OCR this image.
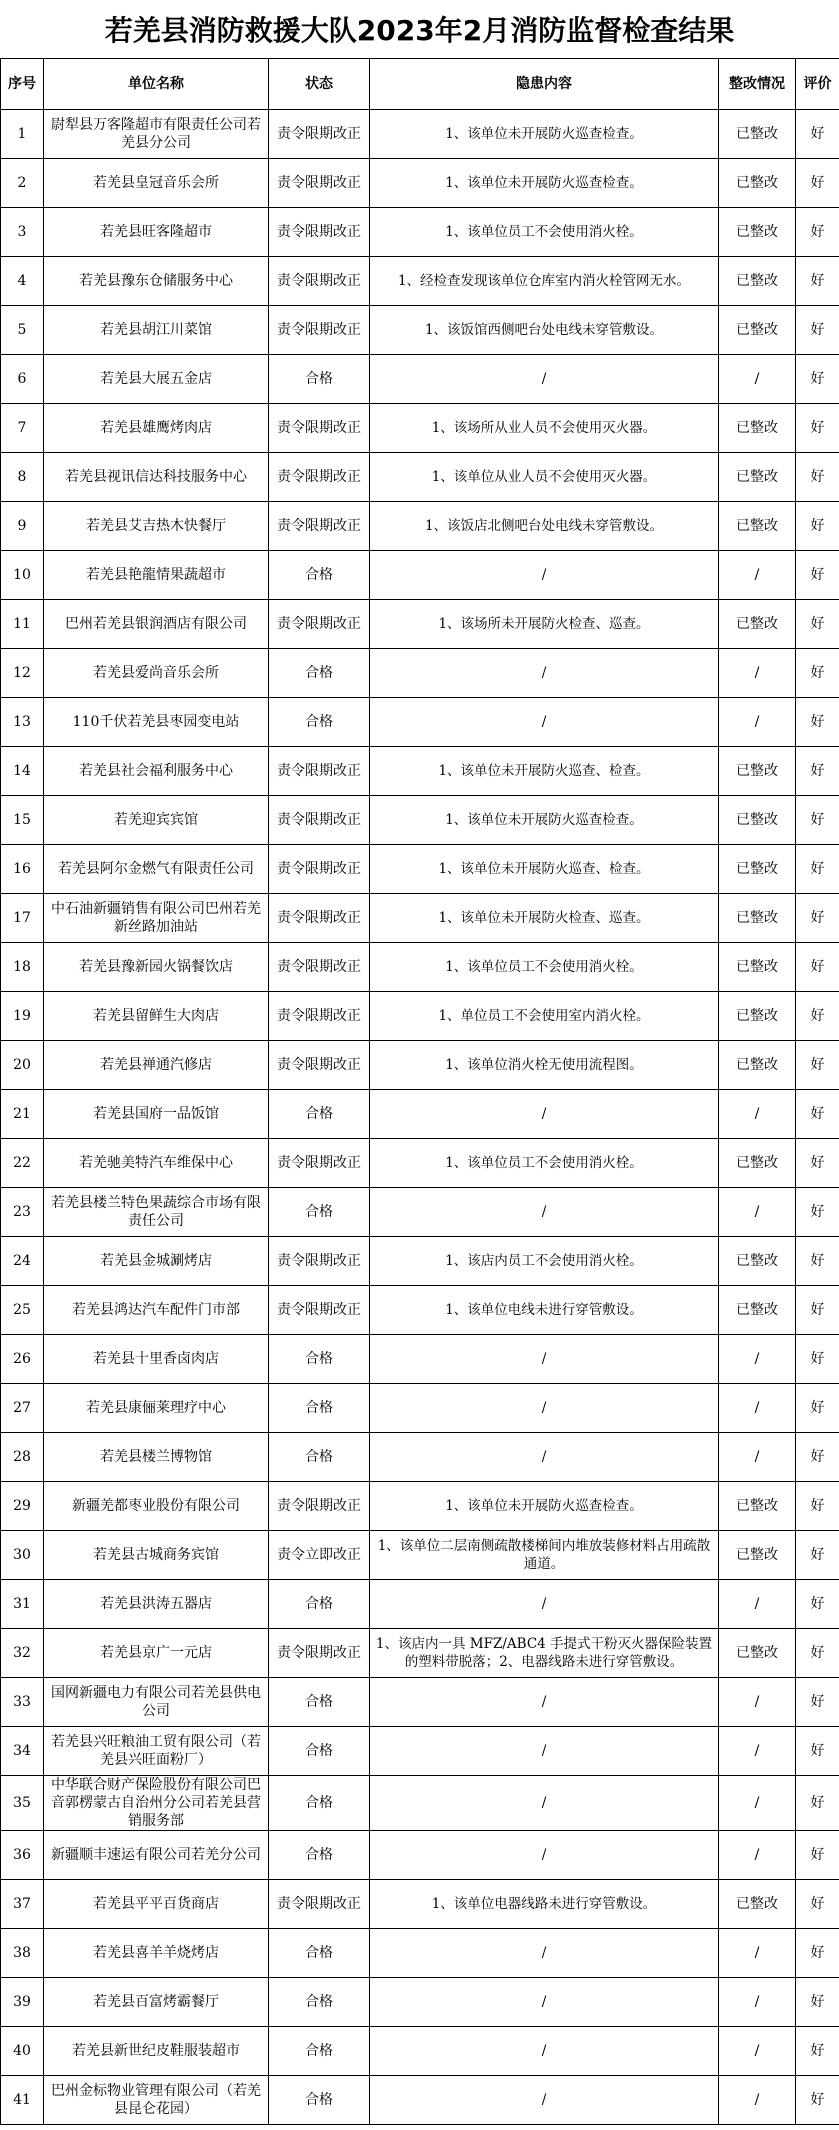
若羌县消防救援大队2023年2月消防监督检查结果
序号	单位名称	状态	隐患内容	整改情况	评价
1	尉犁县万客隆超市有限责任公司若羌县分公司	责令限期改正	1、该单位未开展防火巡查检查。	已整改	好
2	若羌县皇冠音乐会所	责令限期改正	1、该单位未开展防火巡查检查。	已整改	好
3	若羌县旺客隆超市	责令限期改正	1、该单位员工不会使用消火栓。	已整改	好
4	若羌县豫东仓储服务中心	责令限期改正	1、经检查发现该单位仓库室内消火栓管网无水。	已整改	好
5	若羌县胡江川菜馆	责令限期改正	1、该饭馆西侧吧台处电线未穿管敷设。	已整改	好
6	若羌县大展五金店	合格	/	/	好
7	若羌县雄鹰烤肉店	责令限期改正	1、该场所从业人员不会使用灭火器。	已整改	好
8	若羌县视讯信达科技服务中心	责令限期改正	1、该单位从业人员不会使用灭火器。	已整改	好
9	若羌县艾吉热木快餐厅	责令限期改正	1、该饭店北侧吧台处电线未穿管敷设。	已整改	好
10	若羌县艳龍情果蔬超市	合格	/	/	好
11	巴州若羌县银润酒店有限公司	责令限期改正	1、该场所未开展防火检查、巡查。	已整改	好
12	若羌县爱尚音乐会所	合格	/	/	好
13	110千伏若羌县枣园变电站	合格	/	/	好
14	若羌县社会福利服务中心	责令限期改正	1、该单位未开展防火巡查、检查。	已整改	好
15	若羌迎宾宾馆	责令限期改正	1、该单位未开展防火巡查检查。	已整改	好
16	若羌县阿尔金燃气有限责任公司	责令限期改正	1、该单位未开展防火巡查、检查。	已整改	好
17	中石油新疆销售有限公司巴州若羌新丝路加油站	责令限期改正	1、该单位未开展防火检查、巡查。	已整改	好
18	若羌县豫新园火锅餐饮店	责令限期改正	1、该单位员工不会使用消火栓。	已整改	好
19	若羌县留鲜生大肉店	责令限期改正	1、单位员工不会使用室内消火栓。	已整改	好
20	若羌县禅通汽修店	责令限期改正	1、该单位消火栓无使用流程图。	已整改	好
21	若羌县国府一品饭馆	合格	/	/	好
22	若羌驰美特汽车维保中心	责令限期改正	1、该单位员工不会使用消火栓。	已整改	好
23	若羌县楼兰特色果蔬综合市场有限责任公司	合格	/	/	好
24	若羌县金城涮烤店	责令限期改正	1、该店内员工不会使用消火栓。	已整改	好
25	若羌县鸿达汽车配件门市部	责令限期改正	1、该单位电线未进行穿管敷设。	已整改	好
26	若羌县十里香卤肉店	合格	/	/	好
27	若羌县康俪莱理疗中心	合格	/	/	好
28	若羌县楼兰博物馆	合格	/	/	好
29	新疆羌都枣业股份有限公司	责令限期改正	1、该单位未开展防火巡查检查。	已整改	好
30	若羌县古城商务宾馆	责令立即改正	1、该单位二层南侧疏散楼梯间内堆放装修材料占用疏散通道。	已整改	好
31	若羌县洪涛五器店	合格	/	/	好
32	若羌县京广一元店	责令限期改正	1、该店内一具 MFZ/ABC4 手提式干粉灭火器保险装置的塑料带脱落；2、电器线路未进行穿管敷设。	已整改	好
33	国网新疆电力有限公司若羌县供电公司	合格	/	/	好
34	若羌县兴旺粮油工贸有限公司（若羌县兴旺面粉厂）	合格	/	/	好
35	中华联合财产保险股份有限公司巴音郭楞蒙古自治州分公司若羌县营销服务部	合格	/	/	好
36	新疆顺丰速运有限公司若羌分公司	合格	/	/	好
37	若羌县平平百货商店	责令限期改正	1、该单位电器线路未进行穿管敷设。	已整改	好
38	若羌县喜羊羊烧烤店	合格	/	/	好
39	若羌县百富烤霸餐厅	合格	/	/	好
40	若羌县新世纪皮鞋服装超市	合格	/	/	好
41	巴州金标物业管理有限公司（若羌县昆仑花园）	合格	/	/	好
